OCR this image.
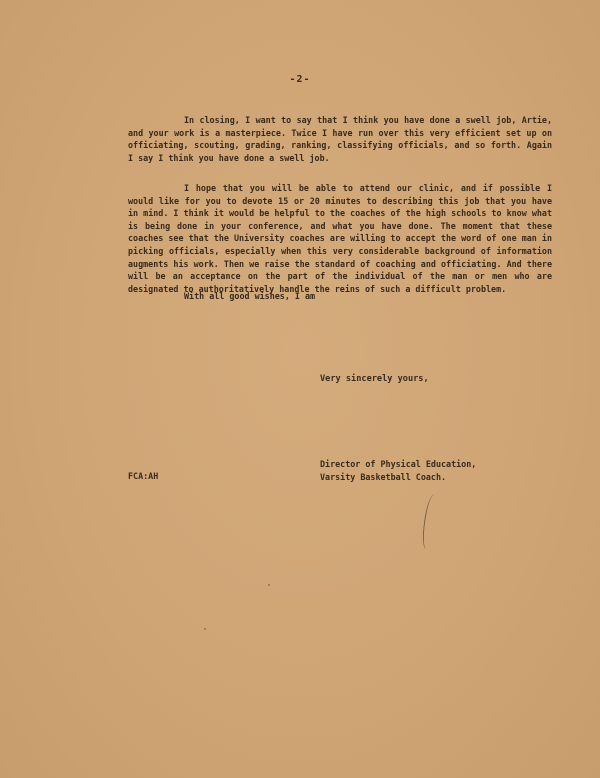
-2-

In closing, I want to say that I think you have done a swell job, Artie, and your work is a masterpiece. Twice I have run over this very efficient set up on officiating, scouting, grading, ranking, classifying officials, and so forth. Again I say I think you have done a swell job.

I hope that you will be able to attend our clinic, and if possible I would like for you to devote 15 or 20 minutes to describing this job that you have in mind. I think it would be helpful to the coaches of the high schools to know what is being done in your conference, and what you have done. The moment that these coaches see that the University coaches are willing to accept the word of one man in picking officials, especially when this very considerable background of information augments his work. Then we raise the standard of coaching and officiating. And there will be an acceptance on the part of the individual of the man or men who are designated to authoritatively handle the reins of such a difficult problem.

With all good wishes, I am

Very sincerely yours,
Director of Physical Education,
Varsity Basketball Coach.
FCA:AH
